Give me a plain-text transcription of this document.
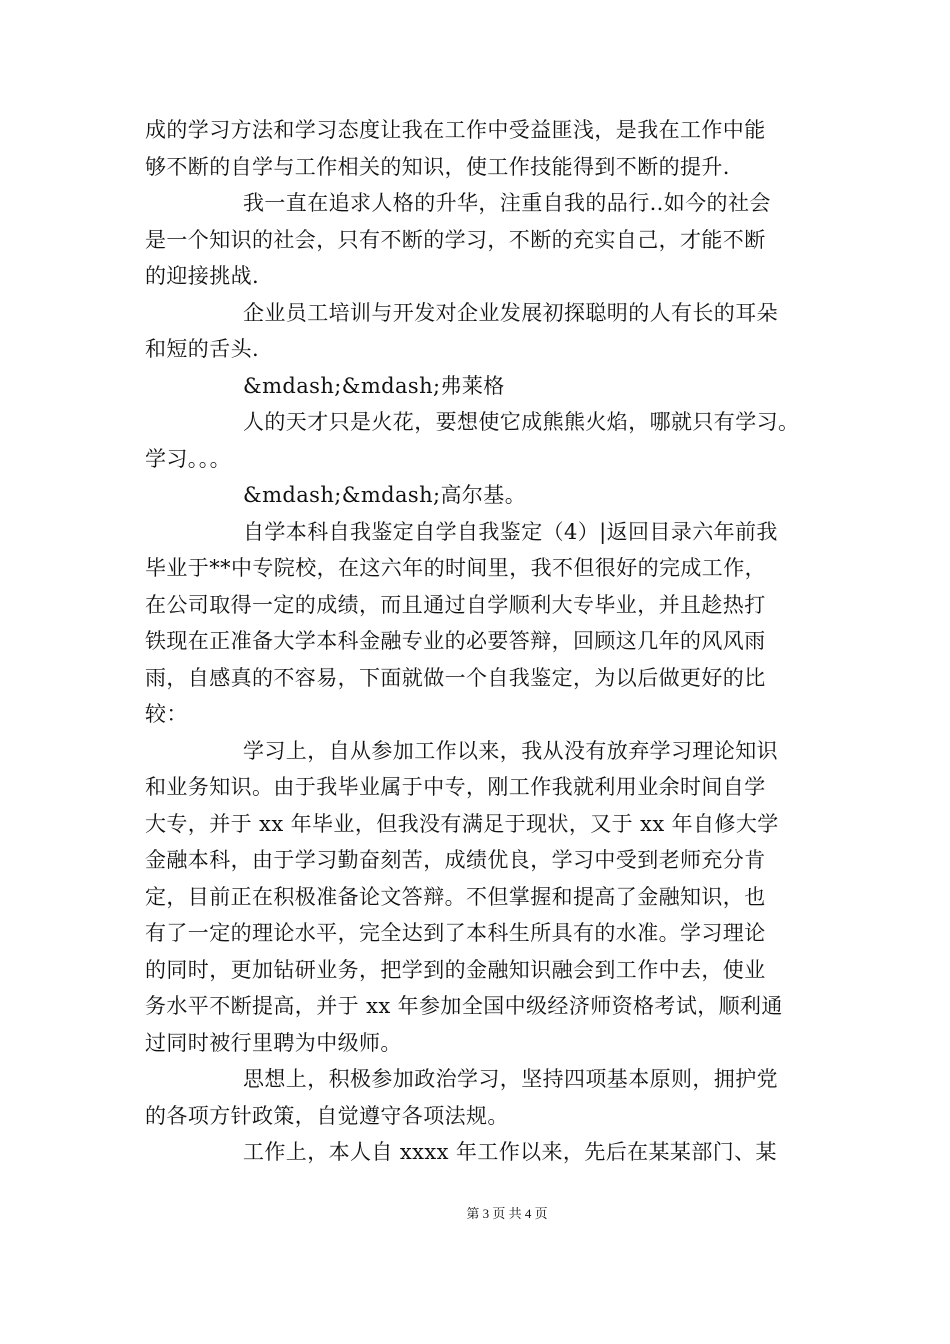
成的学习方法和学习态度让我在工作中受益匪浅，是我在工作中能
够不断的自学与工作相关的知识，使工作技能得到不断的提升.
我一直在追求人格的升华，注重自我的品行..如今的社会
是一个知识的社会，只有不断的学习，不断的充实自己，才能不断
的迎接挑战.
企业员工培训与开发对企业发展初探聪明的人有长的耳朵
和短的舌头.
&mdash;&mdash;弗莱格
人的天才只是火花，要想使它成熊熊火焰，哪就只有学习。
学习。。。
&mdash;&mdash;高尔基。
自学本科自我鉴定自学自我鉴定（4）|返回目录六年前我
毕业于**中专院校，在这六年的时间里，我不但很好的完成工作，
在公司取得一定的成绩，而且通过自学顺利大专毕业，并且趁热打
铁现在正准备大学本科金融专业的必要答辩，回顾这几年的风风雨
雨，自感真的不容易，下面就做一个自我鉴定，为以后做更好的比
较：
学习上，自从参加工作以来，我从没有放弃学习理论知识
和业务知识。由于我毕业属于中专，刚工作我就利用业余时间自学
大专，并于 xx 年毕业，但我没有满足于现状，又于 xx 年自修大学
金融本科，由于学习勤奋刻苦，成绩优良，学习中受到老师充分肯
定，目前正在积极准备论文答辩。不但掌握和提高了金融知识，也
有了一定的理论水平，完全达到了本科生所具有的水准。学习理论
的同时，更加钻研业务，把学到的金融知识融会到工作中去，使业
务水平不断提高，并于 xx 年参加全国中级经济师资格考试，顺利通
过同时被行里聘为中级师。
思想上，积极参加政治学习，坚持四项基本原则，拥护党
的各项方针政策，自觉遵守各项法规。
工作上，本人自 xxxx 年工作以来，先后在某某部门、某
第 3 页 共 4 页
